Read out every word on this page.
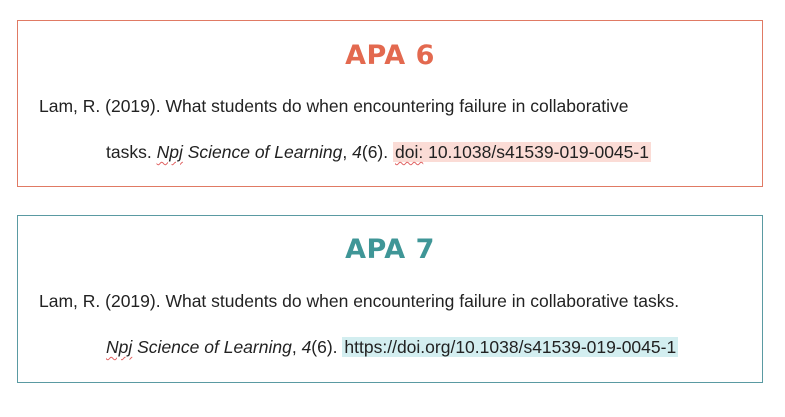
APA 6
Lam, R. (2019). What students do when encountering failure in collaborative
tasks. Npj Science of Learning, 4(6). doi: 10.1038/s41539-019-0045-1
APA 7
Lam, R. (2019). What students do when encountering failure in collaborative tasks.
Npj Science of Learning, 4(6). https://doi.org/10.1038/s41539-019-0045-1
